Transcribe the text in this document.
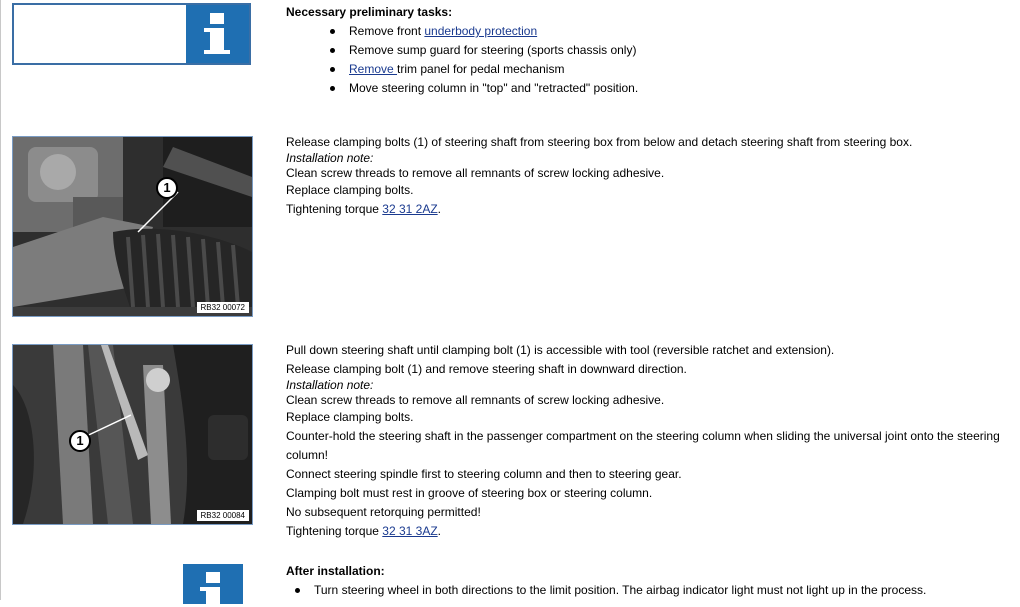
Necessary preliminary tasks:

Remove front underbody protection
Remove sump guard for steering (sports chassis only)
Remove trim panel for pedal mechanism
Move steering column in "top" and "retracted" position.
1
RB32 00072

Release clamping bolts (1) of steering shaft from steering box from below and detach steering shaft from steering box.

Installation note:

Clean screw threads to remove all remnants of screw locking adhesive.

Replace clamping bolts.

Tightening torque 32 31 2AZ.

1
RB32 00084

Pull down steering shaft until clamping bolt (1) is accessible with tool (reversible ratchet and extension).

Release clamping bolt (1) and remove steering shaft in downward direction.

Installation note:

Clean screw threads to remove all remnants of screw locking adhesive.

Replace clamping bolts.

Counter-hold the steering shaft in the passenger compartment on the steering column when sliding the universal joint onto the steering column!

Connect steering spindle first to steering column and then to steering gear.

Clamping bolt must rest in groove of steering box or steering column.

No subsequent retorquing permitted!

Tightening torque 32 31 3AZ.

After installation:

Turn steering wheel in both directions to the limit position. The airbag indicator light must not light up in the process.
